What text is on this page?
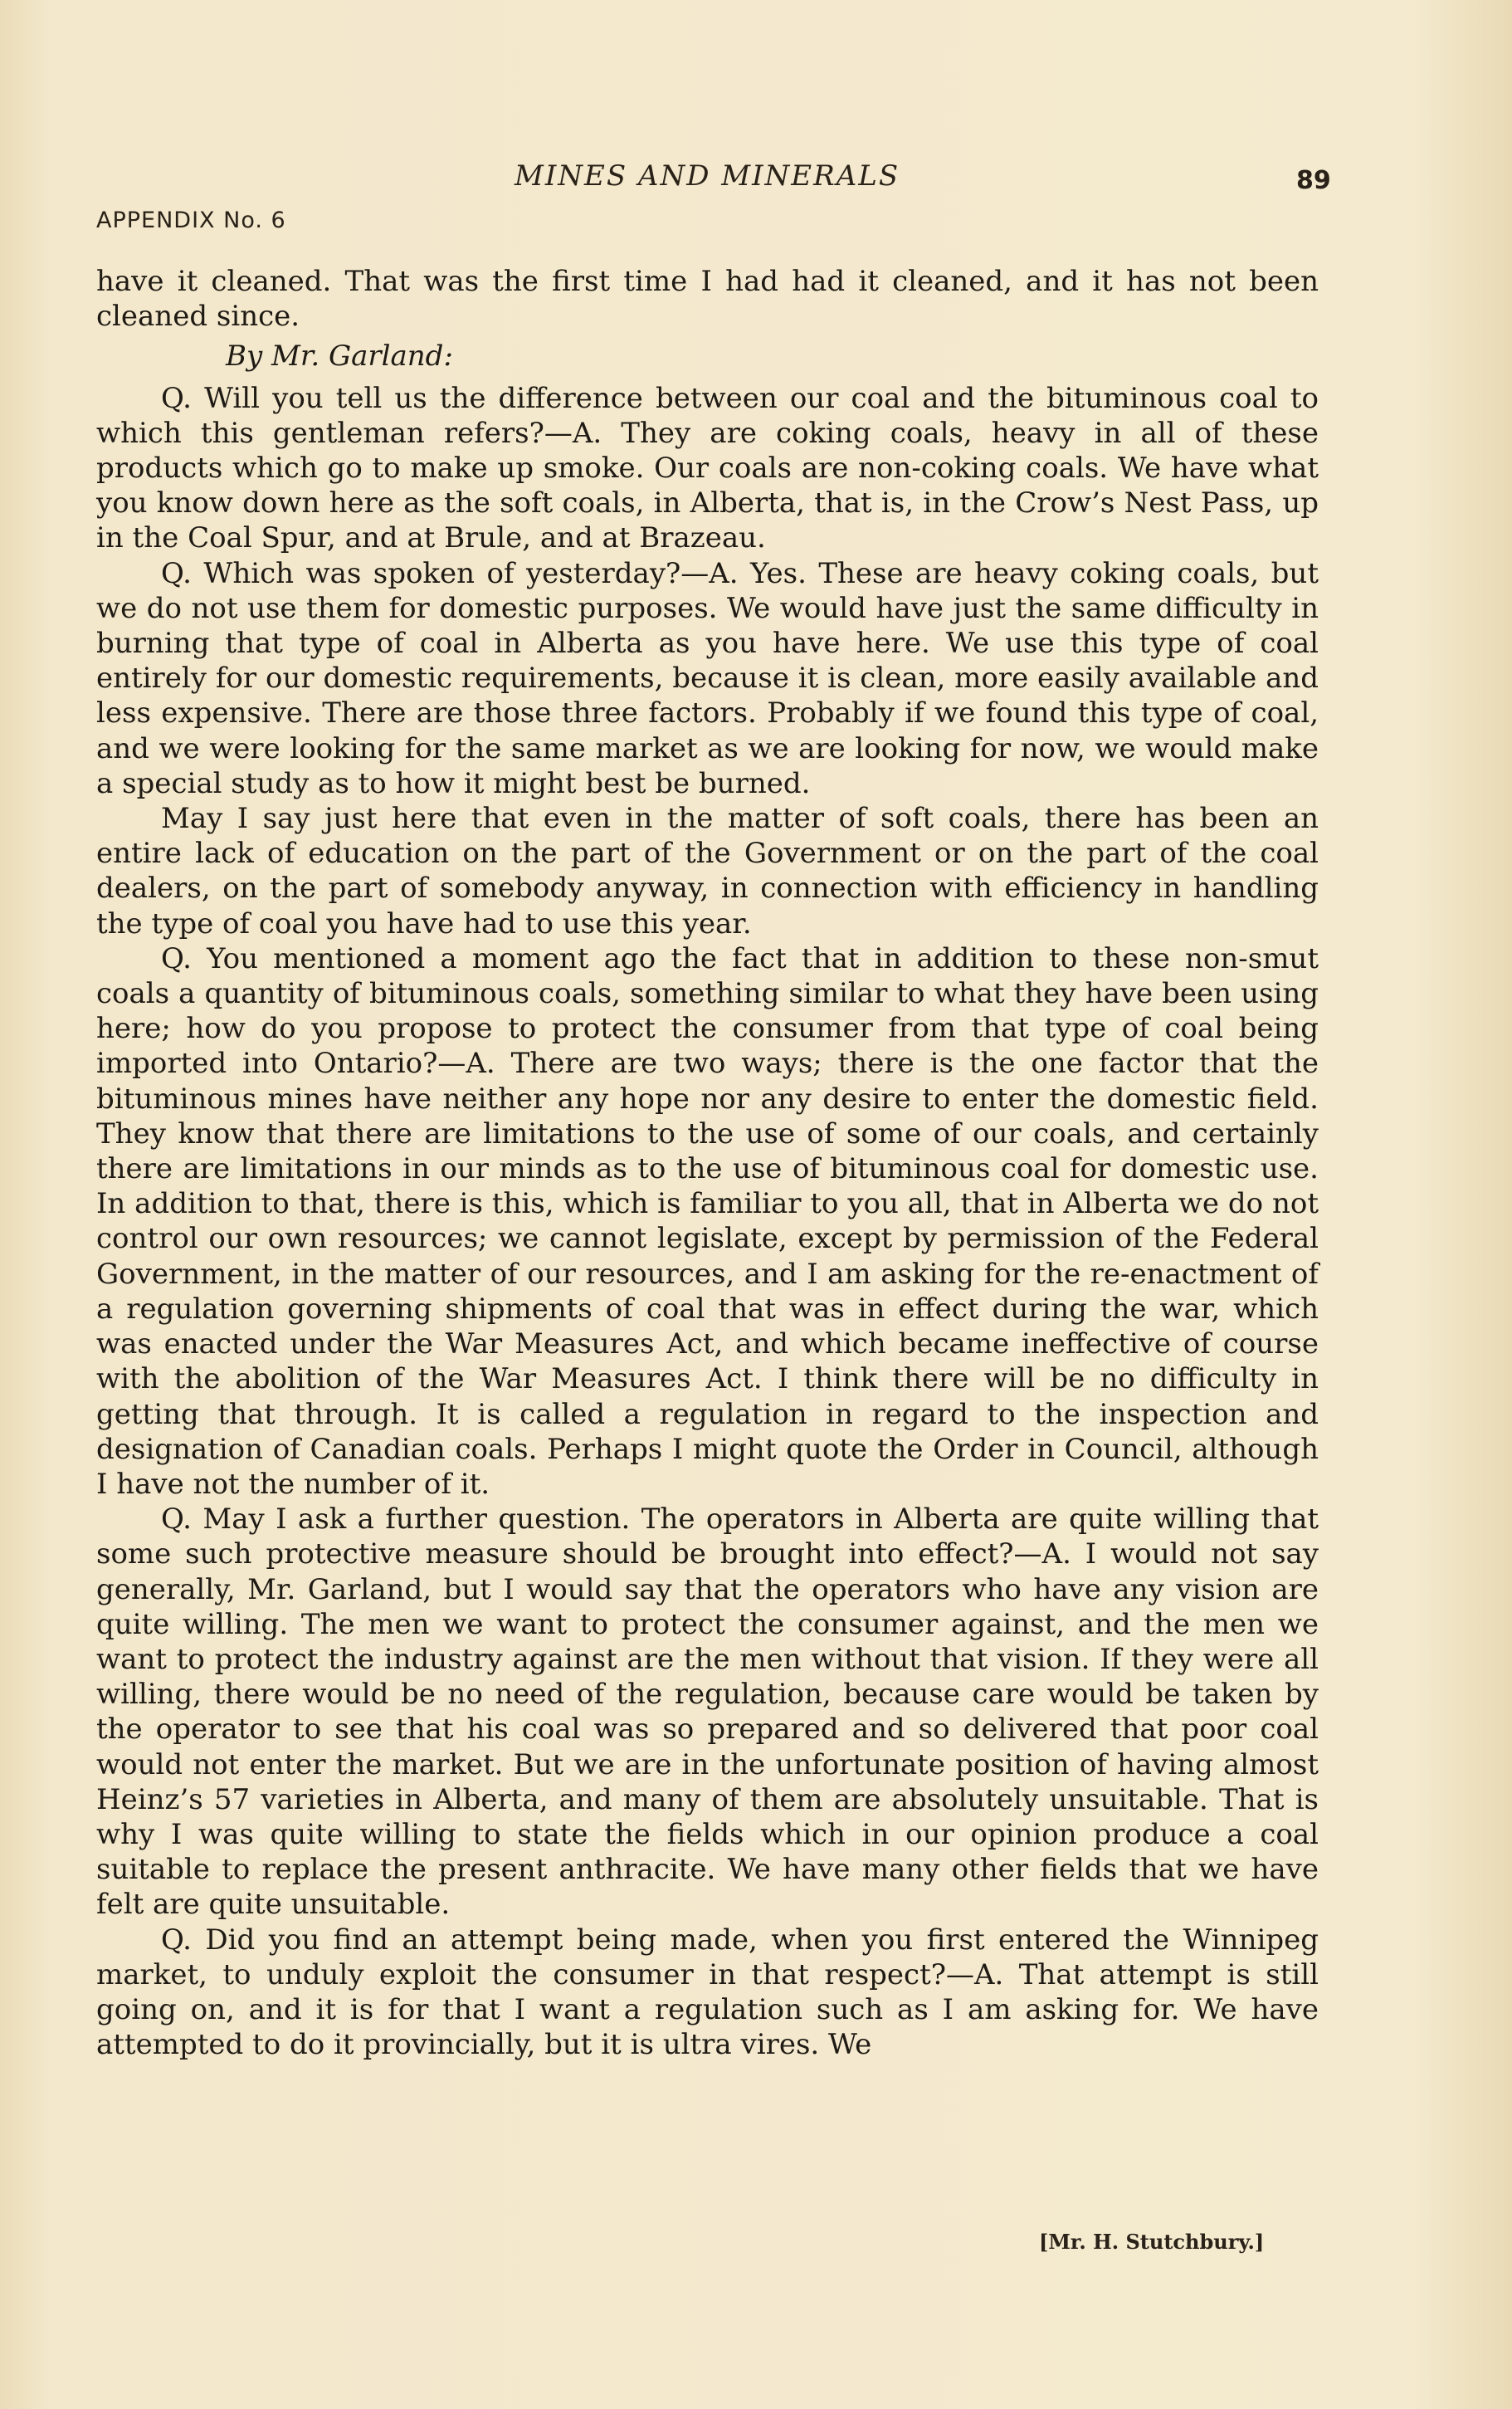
MINES AND MINERALS	89
APPENDIX No. 6

have it cleaned. That was the first time I had had it cleaned, and it has not been cleaned since.

By Mr. Garland:

Q. Will you tell us the difference between our coal and the bituminous coal to which this gentleman refers?—A. They are coking coals, heavy in all of these products which go to make up smoke. Our coals are non-coking coals. We have what you know down here as the soft coals, in Alberta, that is, in the Crow’s Nest Pass, up in the Coal Spur, and at Brule, and at Brazeau.

Q. Which was spoken of yesterday?—A. Yes. These are heavy coking coals, but we do not use them for domestic purposes. We would have just the same difficulty in burning that type of coal in Alberta as you have here. We use this type of coal entirely for our domestic requirements, because it is clean, more easily available and less expensive. There are those three factors. Probably if we found this type of coal, and we were looking for the same market as we are looking for now, we would make a special study as to how it might best be burned.

May I say just here that even in the matter of soft coals, there has been an entire lack of education on the part of the Government or on the part of the coal dealers, on the part of somebody anyway, in connection with efficiency in handling the type of coal you have had to use this year.

Q. You mentioned a moment ago the fact that in addition to these non-smut coals a quantity of bituminous coals, something similar to what they have been using here; how do you propose to protect the consumer from that type of coal being imported into Ontario?—A. There are two ways; there is the one factor that the bituminous mines have neither any hope nor any desire to enter the domestic field. They know that there are limitations to the use of some of our coals, and certainly there are limitations in our minds as to the use of bituminous coal for domestic use. In addition to that, there is this, which is familiar to you all, that in Alberta we do not control our own resources; we cannot legislate, except by permission of the Federal Government, in the matter of our resources, and I am asking for the re-enactment of a regulation governing shipments of coal that was in effect during the war, which was enacted under the War Measures Act, and which became ineffective of course with the abolition of the War Measures Act. I think there will be no difficulty in getting that through. It is called a regulation in regard to the inspection and designation of Canadian coals. Perhaps I might quote the Order in Council, although I have not the number of it.

Q. May I ask a further question. The operators in Alberta are quite willing that some such protective measure should be brought into effect?—A. I would not say generally, Mr. Garland, but I would say that the operators who have any vision are quite willing. The men we want to protect the consumer against, and the men we want to protect the industry against are the men without that vision. If they were all willing, there would be no need of the regulation, because care would be taken by the operator to see that his coal was so prepared and so delivered that poor coal would not enter the market. But we are in the unfortunate position of having almost Heinz’s 57 varieties in Alberta, and many of them are absolutely unsuitable. That is why I was quite willing to state the fields which in our opinion produce a coal suitable to replace the present anthracite. We have many other fields that we have felt are quite unsuitable.

Q. Did you find an attempt being made, when you first entered the Winnipeg market, to unduly exploit the consumer in that respect?—A. That attempt is still going on, and it is for that I want a regulation such as I am asking for. We have attempted to do it provincially, but it is ultra vires. We

[Mr. H. Stutchbury.]
